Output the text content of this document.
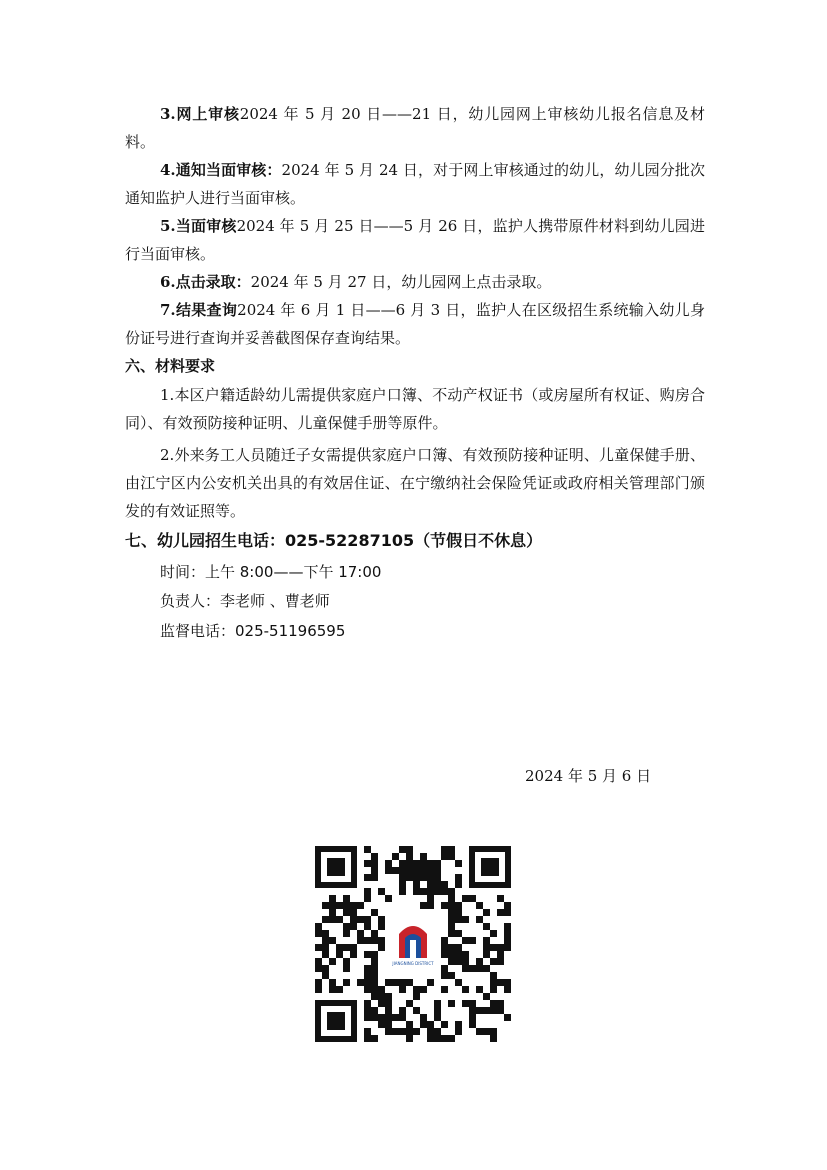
3.网上审核2024 年 5 月 20 日——21 日，幼儿园网上审核幼儿报名信息及材料。
4.通知当面审核：2024 年 5 月 24 日，对于网上审核通过的幼儿，幼儿园分批次通知监护人进行当面审核。
5.当面审核2024 年 5 月 25 日——5 月 26 日，监护人携带原件材料到幼儿园进行当面审核。
6.点击录取：2024 年 5 月 27 日，幼儿园网上点击录取。
7.结果查询2024 年 6 月 1 日——6 月 3 日，监护人在区级招生系统输入幼儿身份证号进行查询并妥善截图保存查询结果。
六、材料要求
1.本区户籍适龄幼儿需提供家庭户口簿、不动产权证书（或房屋所有权证、购房合同）、有效预防接种证明、儿童保健手册等原件。
2.外来务工人员随迁子女需提供家庭户口簿、有效预防接种证明、儿童保健手册、由江宁区内公安机关出具的有效居住证、在宁缴纳社会保险凭证或政府相关管理部门颁发的有效证照等。
七、幼儿园招生电话：025-52287105（节假日不休息）
时间：上午 8:00——下午 17:00
负责人：李老师 、曹老师
监督电话：025-51196595
2024 年 5 月 6 日
JIANGNING DISTRICT
